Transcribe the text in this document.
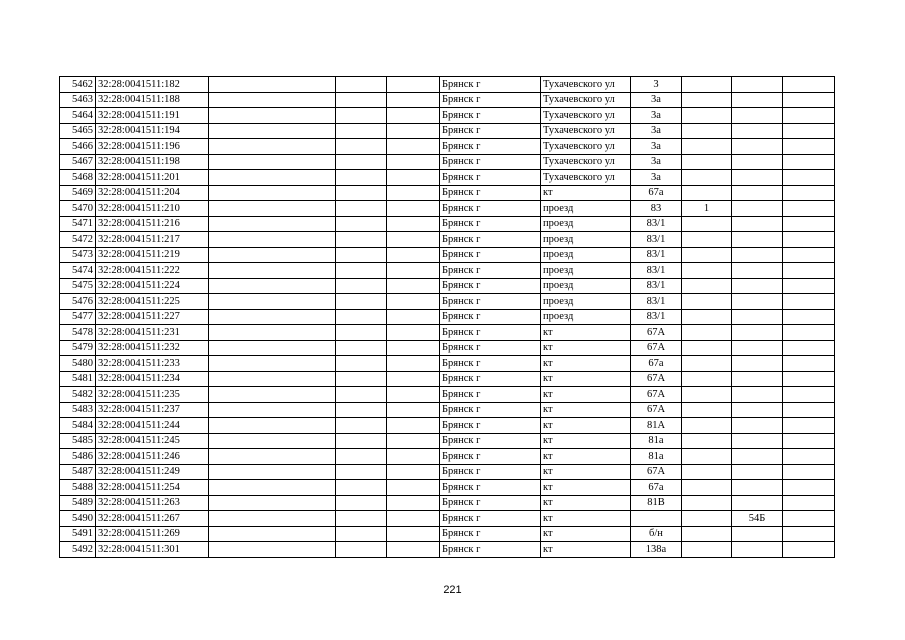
5462	32:28:0041511:182				Брянск г	Тухачевского ул	3			
5463	32:28:0041511:188				Брянск г	Тухачевского ул	3а			
5464	32:28:0041511:191				Брянск г	Тухачевского ул	3а			
5465	32:28:0041511:194				Брянск г	Тухачевского ул	3а			
5466	32:28:0041511:196				Брянск г	Тухачевского ул	3а			
5467	32:28:0041511:198				Брянск г	Тухачевского ул	3а			
5468	32:28:0041511:201				Брянск г	Тухачевского ул	3а			
5469	32:28:0041511:204				Брянск г	кт	67а			
5470	32:28:0041511:210				Брянск г	проезд	83	1		
5471	32:28:0041511:216				Брянск г	проезд	83/1			
5472	32:28:0041511:217				Брянск г	проезд	83/1			
5473	32:28:0041511:219				Брянск г	проезд	83/1			
5474	32:28:0041511:222				Брянск г	проезд	83/1			
5475	32:28:0041511:224				Брянск г	проезд	83/1			
5476	32:28:0041511:225				Брянск г	проезд	83/1			
5477	32:28:0041511:227				Брянск г	проезд	83/1			
5478	32:28:0041511:231				Брянск г	кт	67А			
5479	32:28:0041511:232				Брянск г	кт	67А			
5480	32:28:0041511:233				Брянск г	кт	67а			
5481	32:28:0041511:234				Брянск г	кт	67А			
5482	32:28:0041511:235				Брянск г	кт	67А			
5483	32:28:0041511:237				Брянск г	кт	67А			
5484	32:28:0041511:244				Брянск г	кт	81А			
5485	32:28:0041511:245				Брянск г	кт	81а			
5486	32:28:0041511:246				Брянск г	кт	81а			
5487	32:28:0041511:249				Брянск г	кт	67А			
5488	32:28:0041511:254				Брянск г	кт	67а			
5489	32:28:0041511:263				Брянск г	кт	81В			
5490	32:28:0041511:267				Брянск г	кт			54Б	
5491	32:28:0041511:269				Брянск г	кт	б/н			
5492	32:28:0041511:301				Брянск г	кт	138а			
221
